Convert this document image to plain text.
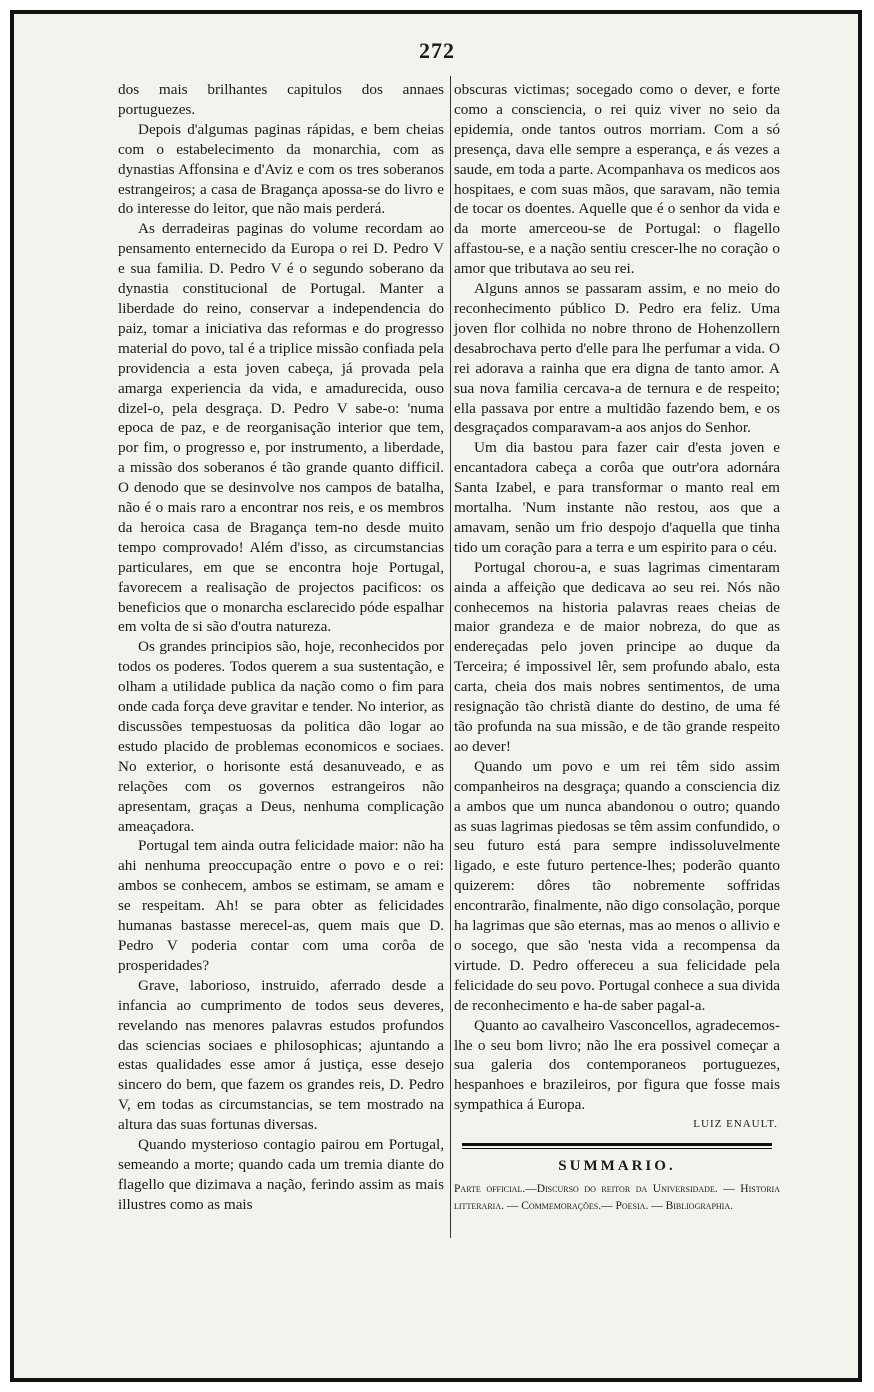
272

dos mais brilhantes capitulos dos annaes portuguezes.

Depois d'algumas paginas rápidas, e bem cheias com o estabelecimento da monarchia, com as dynastias Affonsina e d'Aviz e com os tres soberanos estrangeiros; a casa de Bragança apossa-se do livro e do interesse do leitor, que não mais perderá.

As derradeiras paginas do volume recordam ao pensamento enternecido da Europa o rei D. Pedro V e sua familia. D. Pedro V é o segundo soberano da dynastia constitucional de Portugal. Manter a liberdade do reino, conservar a independencia do paiz, tomar a iniciativa das reformas e do progresso material do povo, tal é a triplice missão confiada pela providencia a esta joven cabeça, já provada pela amarga experiencia da vida, e amadurecida, ouso dizel-o, pela desgraça. D. Pedro V sabe-o: 'numa epoca de paz, e de reorganisação interior que tem, por fim, o progresso e, por instrumento, a liberdade, a missão dos soberanos é tão grande quanto difficil. O denodo que se desinvolve nos campos de batalha, não é o mais raro a encontrar nos reis, e os membros da heroica casa de Bragança tem-no desde muito tempo comprovado! Além d'isso, as circumstancias particulares, em que se encontra hoje Portugal, favorecem a realisação de projectos pacificos: os beneficios que o monarcha esclarecido póde espalhar em volta de si são d'outra natureza.

Os grandes principios são, hoje, reconhecidos por todos os poderes. Todos querem a sua sustentação, e olham a utilidade publica da nação como o fim para onde cada força deve gravitar e tender. No interior, as discussões tempestuosas da politica dão logar ao estudo placido de problemas economicos e sociaes. No exterior, o horisonte está desanuveado, e as relações com os governos estrangeiros não apresentam, graças a Deus, nenhuma complicação ameaçadora.

Portugal tem ainda outra felicidade maior: não ha ahi nenhuma preoccupação entre o povo e o rei: ambos se conhecem, ambos se estimam, se amam e se respeitam. Ah! se para obter as felicidades humanas bastasse merecel-as, quem mais que D. Pedro V poderia contar com uma corôa de prosperidades?

Grave, laborioso, instruido, aferrado desde a infancia ao cumprimento de todos seus deveres, revelando nas menores palavras estudos profundos das sciencias sociaes e philosophicas; ajuntando a estas qualidades esse amor á justiça, esse desejo sincero do bem, que fazem os grandes reis, D. Pedro V, em todas as circumstancias, se tem mostrado na altura das suas fortunas diversas.

Quando mysterioso contagio pairou em Portugal, semeando a morte; quando cada um tremia diante do flagello que dizimava a nação, ferindo assim as mais illustres como as mais

obscuras victimas; socegado como o dever, e forte como a consciencia, o rei quiz viver no seio da epidemia, onde tantos outros morriam. Com a só presença, dava elle sempre a esperança, e ás vezes a saude, em toda a parte. Acompanhava os medicos aos hospitaes, e com suas mãos, que saravam, não temia de tocar os doentes. Aquelle que é o senhor da vida e da morte amerceou-se de Portugal: o flagello affastou-se, e a nação sentiu crescer-lhe no coração o amor que tributava ao seu rei.

Alguns annos se passaram assim, e no meio do reconhecimento público D. Pedro era feliz. Uma joven flor colhida no nobre throno de Hohenzollern desabrochava perto d'elle para lhe perfumar a vida. O rei adorava a rainha que era digna de tanto amor. A sua nova familia cercava-a de ternura e de respeito; ella passava por entre a multidão fazendo bem, e os desgraçados comparavam-a aos anjos do Senhor.

Um dia bastou para fazer cair d'esta joven e encantadora cabeça a corôa que outr'ora adornára Santa Izabel, e para transformar o manto real em mortalha. 'Num instante não restou, aos que a amavam, senão um frio despojo d'aquella que tinha tido um coração para a terra e um espirito para o céu.

Portugal chorou-a, e suas lagrimas cimentaram ainda a affeição que dedicava ao seu rei. Nós não conhecemos na historia palavras reaes cheias de maior grandeza e de maior nobreza, do que as endereçadas pelo joven principe ao duque da Terceira; é impossivel lêr, sem profundo abalo, esta carta, cheia dos mais nobres sentimentos, de uma resignação tão christã diante do destino, de uma fé tão profunda na sua missão, e de tão grande respeito ao dever!

Quando um povo e um rei têm sido assim companheiros na desgraça; quando a consciencia diz a ambos que um nunca abandonou o outro; quando as suas lagrimas piedosas se têm assim confundido, o seu futuro está para sempre indissoluvelmente ligado, e este futuro pertence-lhes; poderão quanto quizerem: dôres tão nobremente soffridas encontrarão, finalmente, não digo consolação, porque ha lagrimas que são eternas, mas ao menos o allivio e o socego, que são 'nesta vida a recompensa da virtude. D. Pedro offereceu a sua felicidade pela felicidade do seu povo. Portugal conhece a sua divida de reconhecimento e ha-de saber pagal-a.

Quanto ao cavalheiro Vasconcellos, agradecemos-lhe o seu bom livro; não lhe era possivel começar a sua galeria dos contemporaneos portuguezes, hespanhoes e brazileiros, por figura que fosse mais sympathica á Europa.

LUIZ ENAULT.
SUMMARIO.
Parte official.—Discurso do reitor da Universidade. — Historia litteraria. — Commemorações.— Poesia. — Bibliographia.
